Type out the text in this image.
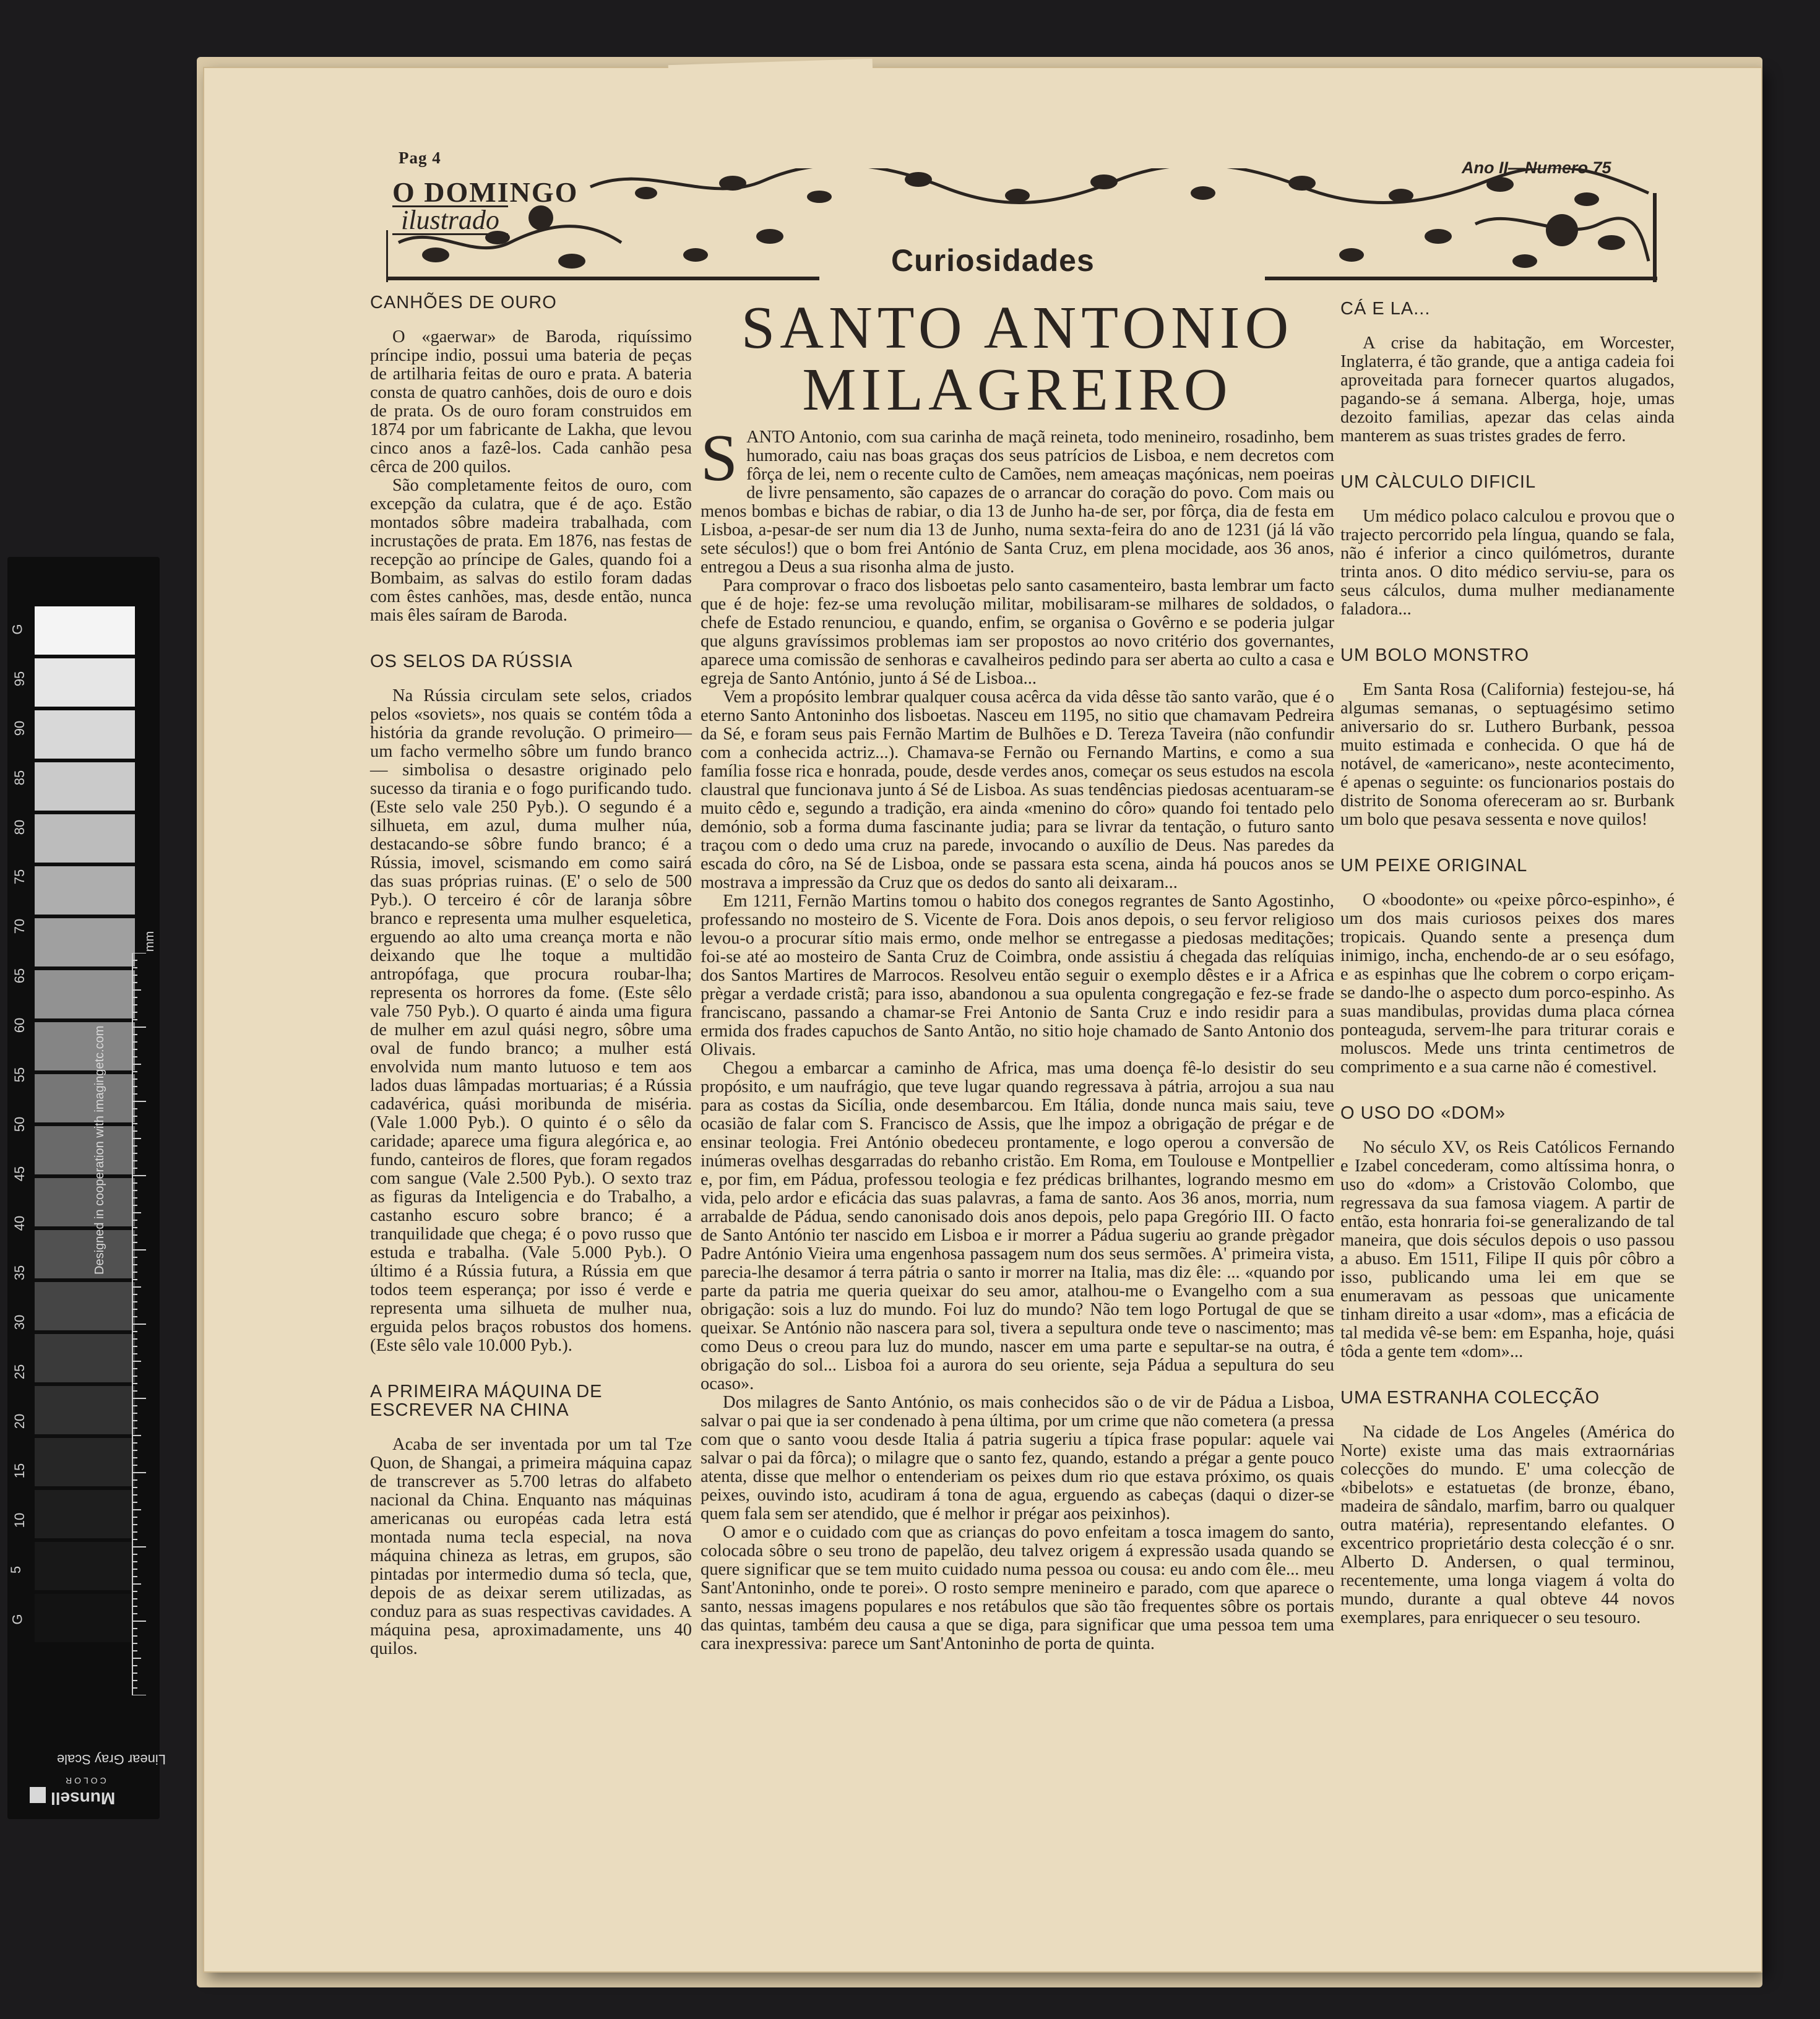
Pag 4
Ano II—Numero 75
O DOMINGO
ilustrado
Curiosidades
CANHÕES DE OURO

O «gaerwar» de Baroda, riquíssimo príncipe indio, possui uma bateria de peças de artilharia feitas de ouro e prata. A bateria consta de quatro canhões, dois de ouro e dois de prata. Os de ouro foram construidos em 1874 por um fabricante de Lakha, que levou cinco anos a fazê-los. Cada canhão pesa cêrca de 200 quilos.

São completamente feitos de ouro, com excepção da culatra, que é de aço. Estão montados sôbre madeira trabalhada, com incrustações de prata. Em 1876, nas festas de recepção ao príncipe de Gales, quando foi a Bombaim, as salvas do estilo foram dadas com êstes canhões, mas, desde então, nunca mais êles saíram de Baroda.

OS SELOS DA RÚSSIA

Na Rússia circulam sete selos, criados pelos «soviets», nos quais se contém tôda a história da grande revolução. O primeiro—um facho vermelho sôbre um fundo branco — simbolisa o desastre originado pelo sucesso da tirania e o fogo purificando tudo. (Este selo vale 250 Pyb.). O segundo é a silhueta, em azul, duma mulher núa, destacando-se sôbre fundo branco; é a Rússia, imovel, scismando em como sairá das suas próprias ruinas. (E' o selo de 500 Pyb.). O terceiro é côr de laranja sôbre branco e representa uma mulher esqueletica, erguendo ao alto uma creança morta e não deixando que lhe toque a multidão antropófaga, que procura roubar-lha; representa os horrores da fome. (Este sêlo vale 750 Pyb.). O quarto é ainda uma figura de mulher em azul quási negro, sôbre uma oval de fundo branco; a mulher está envolvida num manto lutuoso e tem aos lados duas lâmpadas mortuarias; é a Rússia cadavérica, quási moribunda de miséria. (Vale 1.000 Pyb.). O quinto é o sêlo da caridade; aparece uma figura alegórica e, ao fundo, canteiros de flores, que foram regados com sangue (Vale 2.500 Pyb.). O sexto traz as figuras da Inteligencia e do Trabalho, a castanho escuro sobre branco; é a tranquilidade que chega; é o povo russo que estuda e trabalha. (Vale 5.000 Pyb.). O último é a Rússia futura, a Rússia em que todos teem esperança; por isso é verde e representa uma silhueta de mulher nua, erguida pelos braços robustos dos homens. (Este sêlo vale 10.000 Pyb.).

A PRIMEIRA MÁQUINA DE ESCREVER NA CHINA

Acaba de ser inventada por um tal Tze Quon, de Shangai, a primeira máquina capaz de transcrever as 5.700 letras do alfabeto nacional da China. Enquanto nas máquinas americanas ou européas cada letra está montada numa tecla especial, na nova máquina chineza as letras, em grupos, são pintadas por intermedio duma só tecla, que, depois de as deixar serem utilizadas, as conduz para as suas respectivas cavidades. A máquina pesa, aproximadamente, uns 40 quilos.

SANTO ANTONIO MILAGREIRO

SANTO Antonio, com sua carinha de maçã reineta, todo menineiro, rosadinho, bem humorado, caiu nas boas graças dos seus patrícios de Lisboa, e nem decretos com fôrça de lei, nem o recente culto de Camões, nem ameaças maçónicas, nem poeiras de livre pensamento, são capazes de o arrancar do coração do povo. Com mais ou menos bombas e bichas de rabiar, o dia 13 de Junho ha-de ser, por fôrça, dia de festa em Lisboa, a-pesar-de ser num dia 13 de Junho, numa sexta-feira do ano de 1231 (já lá vão sete séculos!) que o bom frei António de Santa Cruz, em plena mocidade, aos 36 anos, entregou a Deus a sua risonha alma de justo.

Para comprovar o fraco dos lisboetas pelo santo casamenteiro, basta lembrar um facto que é de hoje: fez-se uma revolução militar, mobilisaram-se milhares de soldados, o chefe de Estado renunciou, e quando, enfim, se organisa o Govêrno e se poderia julgar que alguns gravíssimos problemas iam ser propostos ao novo critério dos governantes, aparece uma comissão de senhoras e cavalheiros pedindo para ser aberta ao culto a casa e egreja de Santo António, junto á Sé de Lisboa...

Vem a propósito lembrar qualquer cousa acêrca da vida dêsse tão santo varão, que é o eterno Santo Antoninho dos lisboetas. Nasceu em 1195, no sitio que chamavam Pedreira da Sé, e foram seus pais Fernão Martim de Bulhões e D. Tereza Taveira (não confundir com a conhecida actriz...). Chamava-se Fernão ou Fernando Martins, e como a sua família fosse rica e honrada, poude, desde verdes anos, começar os seus estudos na escola claustral que funcionava junto á Sé de Lisboa. As suas tendências piedosas acentuaram-se muito cêdo e, segundo a tradição, era ainda «menino do côro» quando foi tentado pelo demónio, sob a forma duma fascinante judia; para se livrar da tentação, o futuro santo traçou com o dedo uma cruz na parede, invocando o auxílio de Deus. Nas paredes da escada do côro, na Sé de Lisboa, onde se passara esta scena, ainda há poucos anos se mostrava a impressão da Cruz que os dedos do santo ali deixaram...

Em 1211, Fernão Martins tomou o habito dos conegos regrantes de Santo Agostinho, professando no mosteiro de S. Vicente de Fora. Dois anos depois, o seu fervor religioso levou-o a procurar sítio mais ermo, onde melhor se entregasse a piedosas meditações; foi-se até ao mosteiro de Santa Cruz de Coimbra, onde assistiu á chegada das relíquias dos Santos Martires de Marrocos. Resolveu então seguir o exemplo dêstes e ir a Africa prègar a verdade cristã; para isso, abandonou a sua opulenta congregação e fez-se frade franciscano, passando a chamar-se Frei Antonio de Santa Cruz e indo residir para a ermida dos frades capuchos de Santo Antão, no sitio hoje chamado de Santo Antonio dos Olivais.

Chegou a embarcar a caminho de Africa, mas uma doença fê-lo desistir do seu propósito, e um naufrágio, que teve lugar quando regressava à pátria, arrojou a sua nau para as costas da Sicília, onde desembarcou. Em Itália, donde nunca mais saiu, teve ocasião de falar com S. Francisco de Assis, que lhe impoz a obrigação de prégar e de ensinar teologia. Frei António obedeceu prontamente, e logo operou a conversão de inúmeras ovelhas desgarradas do rebanho cristão. Em Roma, em Toulouse e Montpellier e, por fim, em Pádua, professou teologia e fez prédicas brilhantes, logrando mesmo em vida, pelo ardor e eficácia das suas palavras, a fama de santo. Aos 36 anos, morria, num arrabalde de Pádua, sendo canonisado dois anos depois, pelo papa Gregório III. O facto de Santo António ter nascido em Lisboa e ir morrer a Pádua sugeriu ao grande prègador Padre António Vieira uma engenhosa passagem num dos seus sermões. A' primeira vista, parecia-lhe desamor á terra pátria o santo ir morrer na Italia, mas diz êle: ... «quando por parte da patria me queria queixar do seu amor, atalhou-me o Evangelho com a sua obrigação: sois a luz do mundo. Foi luz do mundo? Não tem logo Portugal de que se queixar. Se António não nascera para sol, tivera a sepultura onde teve o nascimento; mas como Deus o creou para luz do mundo, nascer em uma parte e sepultar-se na outra, é obrigação do sol... Lisboa foi a aurora do seu oriente, seja Pádua a sepultura do seu ocaso».

Dos milagres de Santo António, os mais conhecidos são o de vir de Pádua a Lisboa, salvar o pai que ia ser condenado à pena última, por um crime que não cometera (a pressa com que o santo voou desde Italia á patria sugeriu a típica frase popular: aquele vai salvar o pai da fôrca); o milagre que o santo fez, quando, estando a prégar a gente pouco atenta, disse que melhor o entenderiam os peixes dum rio que estava próximo, os quais peixes, ouvindo isto, acudiram á tona de agua, erguendo as cabeças (daqui o dizer-se quem fala sem ser atendido, que é melhor ir prégar aos peixinhos).

O amor e o cuidado com que as crianças do povo enfeitam a tosca imagem do santo, colocada sôbre o seu trono de papelão, deu talvez origem á expressão usada quando se quere significar que se tem muito cuidado numa pessoa ou cousa: eu ando com êle... meu Sant'Antoninho, onde te porei». O rosto sempre menineiro e parado, com que aparece o santo, nessas imagens populares e nos retábulos que são tão frequentes sôbre os portais das quintas, também deu causa a que se diga, para significar que uma pessoa tem uma cara inexpressiva: parece um Sant'Antoninho de porta de quinta.

CÁ E LA...

A crise da habitação, em Worcester, Inglaterra, é tão grande, que a antiga cadeia foi aproveitada para fornecer quartos alugados, pagando-se á semana. Alberga, hoje, umas dezoito familias, apezar das celas ainda manterem as suas tristes grades de ferro.

UM CÀLCULO DIFICIL

Um médico polaco calculou e provou que o trajecto percorrido pela língua, quando se fala, não é inferior a cinco quilómetros, durante trinta anos. O dito médico serviu-se, para os seus cálculos, duma mulher medianamente faladora...

UM BOLO MONSTRO

Em Santa Rosa (California) festejou-se, há algumas semanas, o septuagésimo setimo aniversario do sr. Luthero Burbank, pessoa muito estimada e conhecida. O que há de notável, de «americano», neste acontecimento, é apenas o seguinte: os funcionarios postais do distrito de Sonoma ofereceram ao sr. Burbank um bolo que pesava sessenta e nove quilos!

UM PEIXE ORIGINAL

O «boodonte» ou «peixe pôrco-espinho», é um dos mais curiosos peixes dos mares tropicais. Quando sente a presença dum inimigo, incha, enchendo-de ar o seu esófago, e as espinhas que lhe cobrem o corpo eriçam-se dando-lhe o aspecto dum porco-espinho. As suas mandibulas, providas duma placa córnea ponteaguda, servem-lhe para triturar corais e moluscos. Mede uns trinta centimetros de comprimento e a sua carne não é comestivel.

O USO DO «DOM»

No século XV, os Reis Católicos Fernando e Izabel concederam, como altíssima honra, o uso do «dom» a Cristovão Colombo, que regressava da sua famosa viagem. A partir de então, esta honraria foi-se generalizando de tal maneira, que dois séculos depois o uso passou a abuso. Em 1511, Filipe II quis pôr côbro a isso, publicando uma lei em que se enumeravam as pessoas que unicamente tinham direito a usar «dom», mas a eficácia de tal medida vê-se bem: em Espanha, hoje, quási tôda a gente tem «dom»...

UMA ESTRANHA COLECÇÃO

Na cidade de Los Angeles (América do Norte) existe uma das mais extraornárias colecções do mundo. E' uma colecção de «bibelots» e estatuetas (de bronze, ébano, madeira de sândalo, marfim, barro ou qualquer outra matéria), representando elefantes. O excentrico proprietário desta colecção é o snr. Alberto D. Andersen, o qual terminou, recentemente, uma longa viagem á volta do mundo, durante a qual obteve 44 novos exemplares, para enriquecer o seu tesouro.

G
95
90
85
80
75
70
65
60
55
50
45
40
35
30
25
20
15
10
5
G
Designed in cooperation with imagingetc.com
mm
Linear Gray Scale
Munsell
COLOR
